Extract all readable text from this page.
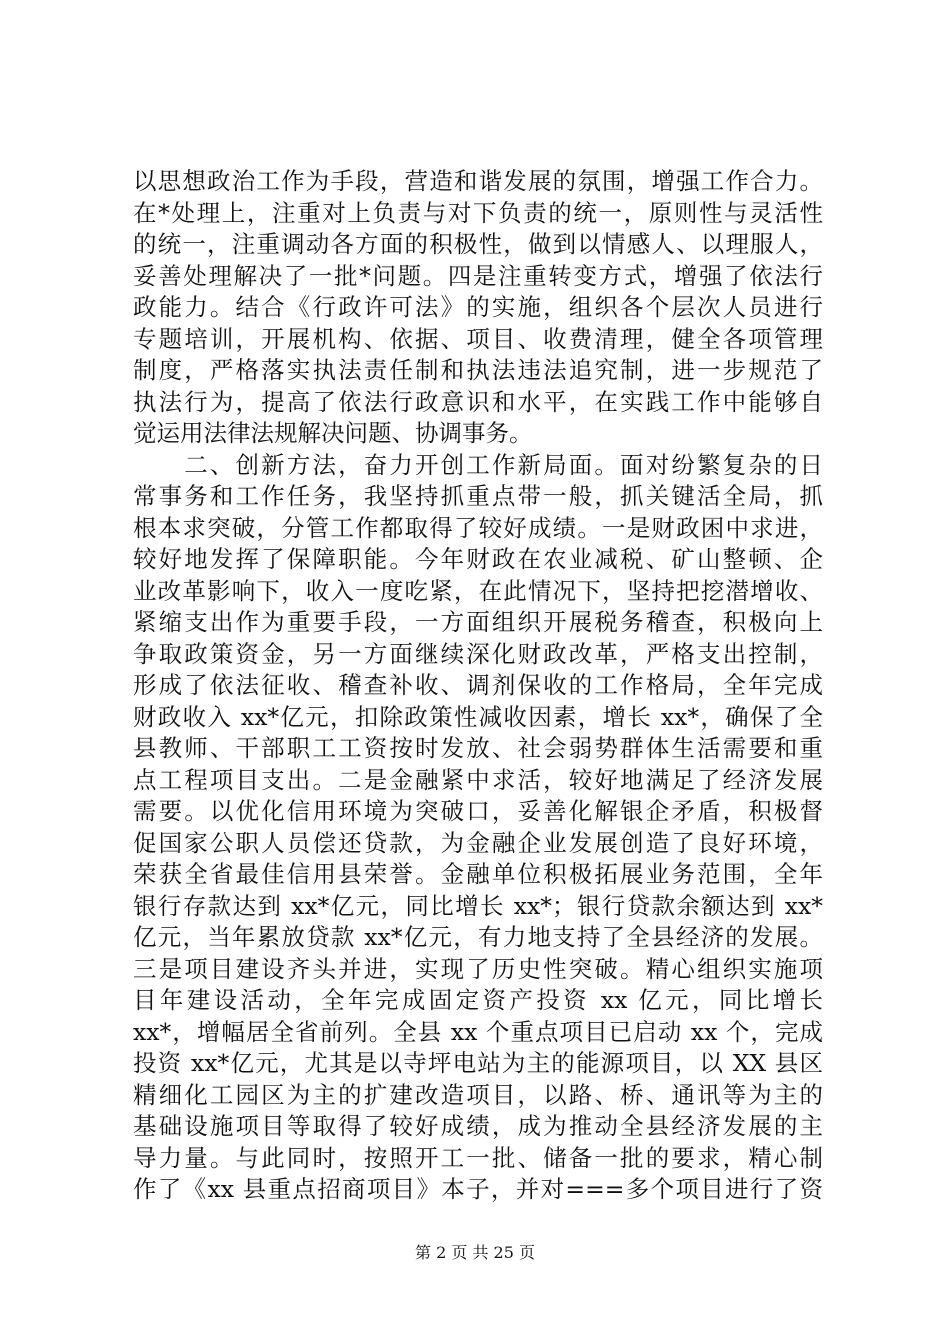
以思想政治工作为手段，营造和谐发展的氛围，增强工作合力。
在*处理上，注重对上负责与对下负责的统一，原则性与灵活性
的统一，注重调动各方面的积极性，做到以情感人、以理服人，
妥善处理解决了一批*问题。四是注重转变方式，增强了依法行
政能力。结合《行政许可法》的实施，组织各个层次人员进行
专题培训，开展机构、依据、项目、收费清理，健全各项管理
制度，严格落实执法责任制和执法违法追究制，进一步规范了
执法行为，提高了依法行政意识和水平，在实践工作中能够自
觉运用法律法规解决问题、协调事务。
　　二、创新方法，奋力开创工作新局面。面对纷繁复杂的日
常事务和工作任务，我坚持抓重点带一般，抓关键活全局，抓
根本求突破，分管工作都取得了较好成绩。一是财政困中求进，
较好地发挥了保障职能。今年财政在农业减税、矿山整顿、企
业改革影响下，收入一度吃紧，在此情况下，坚持把挖潜增收、
紧缩支出作为重要手段，一方面组织开展税务稽查，积极向上
争取政策资金，另一方面继续深化财政改革，严格支出控制，
形成了依法征收、稽查补收、调剂保收的工作格局，全年完成
财政收入 xx*亿元，扣除政策性减收因素，增长 xx*，确保了全
县教师、干部职工工资按时发放、社会弱势群体生活需要和重
点工程项目支出。二是金融紧中求活，较好地满足了经济发展
需要。以优化信用环境为突破口，妥善化解银企矛盾，积极督
促国家公职人员偿还贷款，为金融企业发展创造了良好环境，
荣获全省最佳信用县荣誉。金融单位积极拓展业务范围，全年
银行存款达到 xx*亿元，同比增长 xx*；银行贷款余额达到 xx*
亿元，当年累放贷款 xx*亿元，有力地支持了全县经济的发展。
三是项目建设齐头并进，实现了历史性突破。精心组织实施项
目年建设活动，全年完成固定资产投资 xx 亿元，同比增长
xx*，增幅居全省前列。全县 xx 个重点项目已启动 xx 个，完成
投资 xx*亿元，尤其是以寺坪电站为主的能源项目，以 XX 县区
精细化工园区为主的扩建改造项目，以路、桥、通讯等为主的
基础设施项目等取得了较好成绩，成为推动全县经济发展的主
导力量。与此同时，按照开工一批、储备一批的要求，精心制
作了《xx 县重点招商项目》本子，并对===多个项目进行了资
第 2 页 共 25 页
